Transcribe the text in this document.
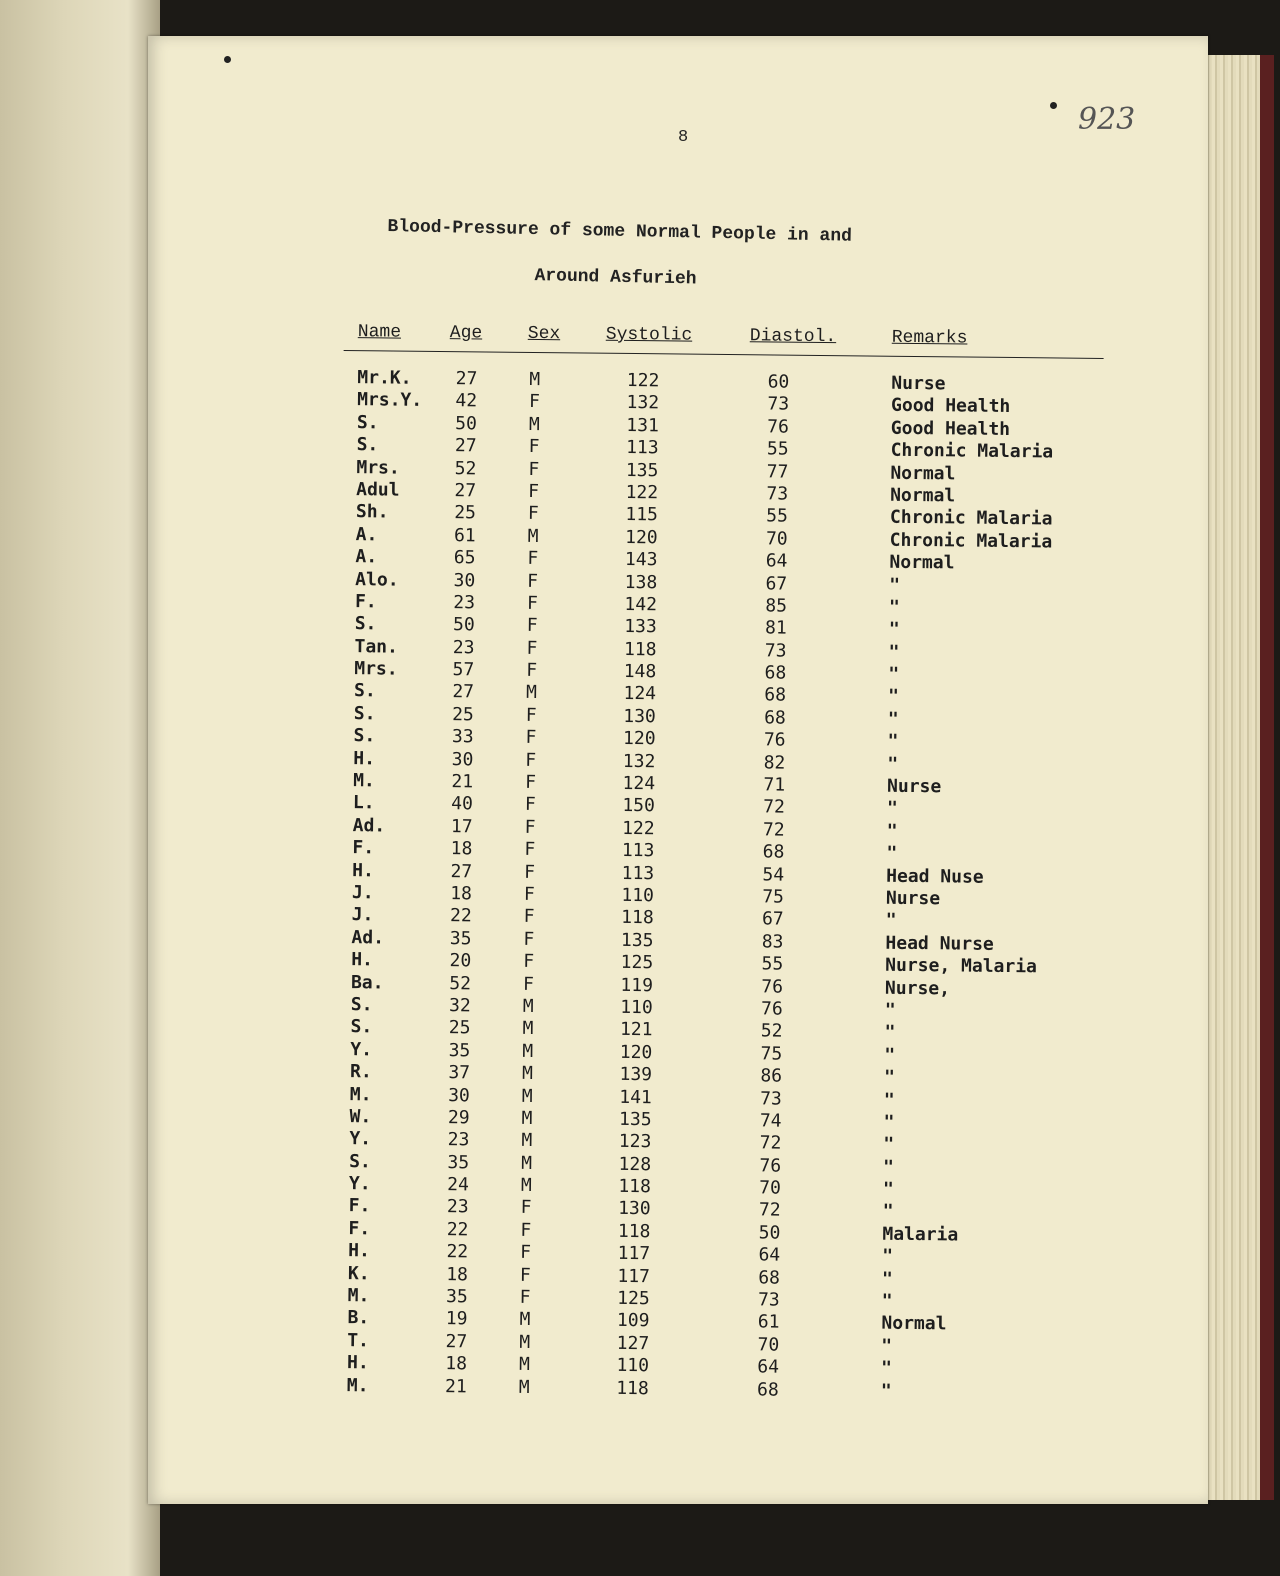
8
923
Blood-Pressure of some Normal People in and
Around Asfurieh
Name	Age	Sex	Systolic	Diastol.	Remarks
Mr.K.	27	M	122	60	Nurse
Mrs.Y.	42	F	132	73	Good Health
S.	50	M	131	76	Good Health
S.	27	F	113	55	Chronic Malaria
Mrs.	52	F	135	77	Normal
Adul	27	F	122	73	Normal
Sh.	25	F	115	55	Chronic Malaria
A.	61	M	120	70	Chronic Malaria
A.	65	F	143	64	Normal
Alo.	30	F	138	67	"
F.	23	F	142	85	"
S.	50	F	133	81	"
Tan.	23	F	118	73	"
Mrs.	57	F	148	68	"
S.	27	M	124	68	"
S.	25	F	130	68	"
S.	33	F	120	76	"
H.	30	F	132	82	"
M.	21	F	124	71	Nurse
L.	40	F	150	72	"
Ad.	17	F	122	72	"
F.	18	F	113	68	"
H.	27	F	113	54	Head Nuse
J.	18	F	110	75	Nurse
J.	22	F	118	67	"
Ad.	35	F	135	83	Head Nurse
H.	20	F	125	55	Nurse, Malaria
Ba.	52	F	119	76	Nurse,
S.	32	M	110	76	"
S.	25	M	121	52	"
Y.	35	M	120	75	"
R.	37	M	139	86	"
M.	30	M	141	73	"
W.	29	M	135	74	"
Y.	23	M	123	72	"
S.	35	M	128	76	"
Y.	24	M	118	70	"
F.	23	F	130	72	"
F.	22	F	118	50	Malaria
H.	22	F	117	64	"
K.	18	F	117	68	"
M.	35	F	125	73	"
B.	19	M	109	61	Normal
T.	27	M	127	70	"
H.	18	M	110	64	"
M.	21	M	118	68	"
